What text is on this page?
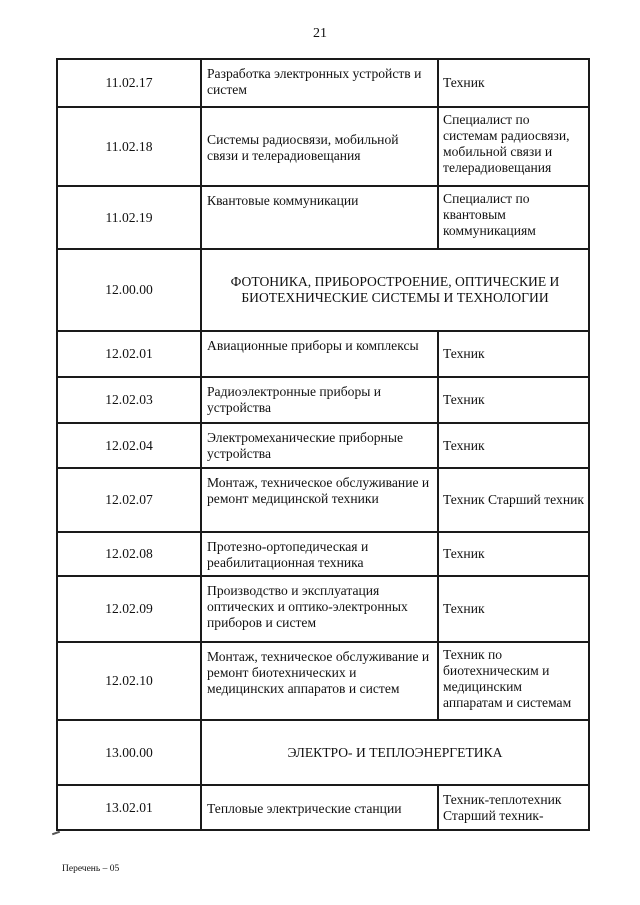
21
11.02.17	Разработка электронных устройств и систем	Техник
11.02.18	Системы радиосвязи, мобильной связи и телерадиовещания	Специалист по системам радиосвязи, мобильной связи и телерадиовещания
11.02.19	Квантовые коммуникации	Специалист по квантовым коммуникациям
12.00.00	ФОТОНИКА, ПРИБОРОСТРОЕНИЕ, ОПТИЧЕСКИЕ И БИОТЕХНИЧЕСКИЕ СИСТЕМЫ И ТЕХНОЛОГИИ	
12.02.01	Авиационные приборы и комплексы	Техник
12.02.03	Радиоэлектронные приборы и устройства	Техник
12.02.04	Электромеханические приборные устройства	Техник
12.02.07	Монтаж, техническое обслуживание и ремонт медицинской техники	Техник Старший техник
12.02.08	Протезно-ортопедическая и реабилитационная техника	Техник
12.02.09	Производство и эксплуатация оптических и оптико-электронных приборов и систем	Техник
12.02.10	Монтаж, техническое обслуживание и ремонт биотехнических и медицинских аппаратов и систем	Техник по биотехническим и медицинским аппаратам и системам
13.00.00	ЭЛЕКТРО- И ТЕПЛОЭНЕРГЕТИКА	
13.02.01	Тепловые электрические станции	Техник-теплотехник Старший техник-
Перечень – 05
